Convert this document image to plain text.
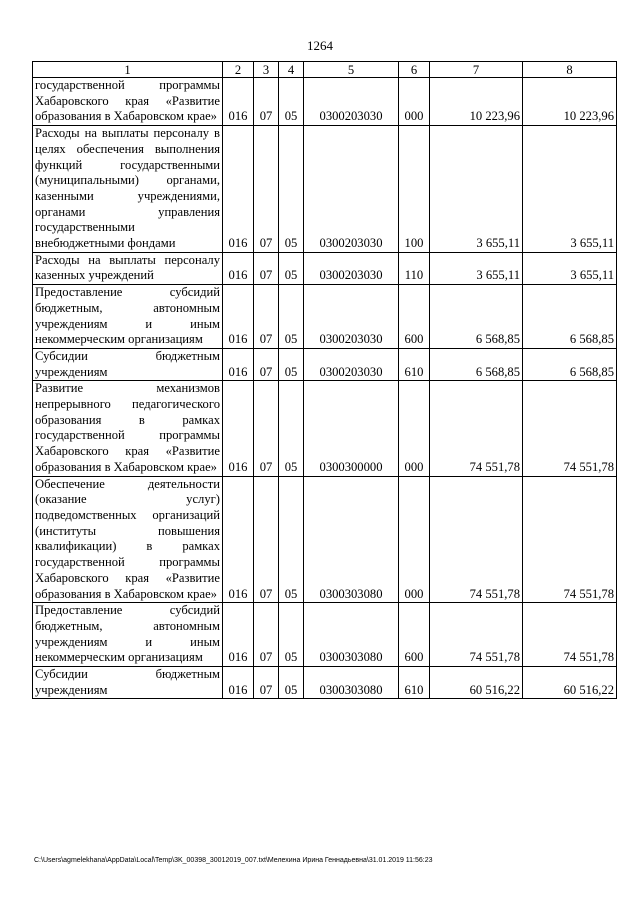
1264
1	2	3	4	5	6	7	8
государственной программы Хабаровского края «Развитие образования в Хабаровском крае»	016	07	05	0300203030	000	10 223,96	10 223,96
Расходы на выплаты персоналу в целях обеспечения выполнения функций государственными (муниципальными) органами, казенными учреждениями, органами управления государственными внебюджетными фондами	016	07	05	0300203030	100	3 655,11	3 655,11
Расходы на выплаты персоналу казенных учреждений	016	07	05	0300203030	110	3 655,11	3 655,11
Предоставление субсидий бюджетным, автономным учреждениям и иным некоммерческим организациям	016	07	05	0300203030	600	6 568,85	6 568,85
Субсидии бюджетным учреждениям	016	07	05	0300203030	610	6 568,85	6 568,85
Развитие механизмов непрерывного педагогического образования в рамках государственной программы Хабаровского края «Развитие образования в Хабаровском крае»	016	07	05	0300300000	000	74 551,78	74 551,78
Обеспечение деятельности (оказание услуг) подведомственных организаций (институты повышения квалификации) в рамках государственной программы Хабаровского края «Развитие образования в Хабаровском крае»	016	07	05	0300303080	000	74 551,78	74 551,78
Предоставление субсидий бюджетным, автономным учреждениям и иным некоммерческим организациям	016	07	05	0300303080	600	74 551,78	74 551,78
Субсидии бюджетным учреждениям	016	07	05	0300303080	610	60 516,22	60 516,22
C:\Users\agmelekhana\AppData\Local\Temp\3K_00398_30012019_007.txt\Мелехина Ирина Геннадьевна\31.01.2019 11:56:23
